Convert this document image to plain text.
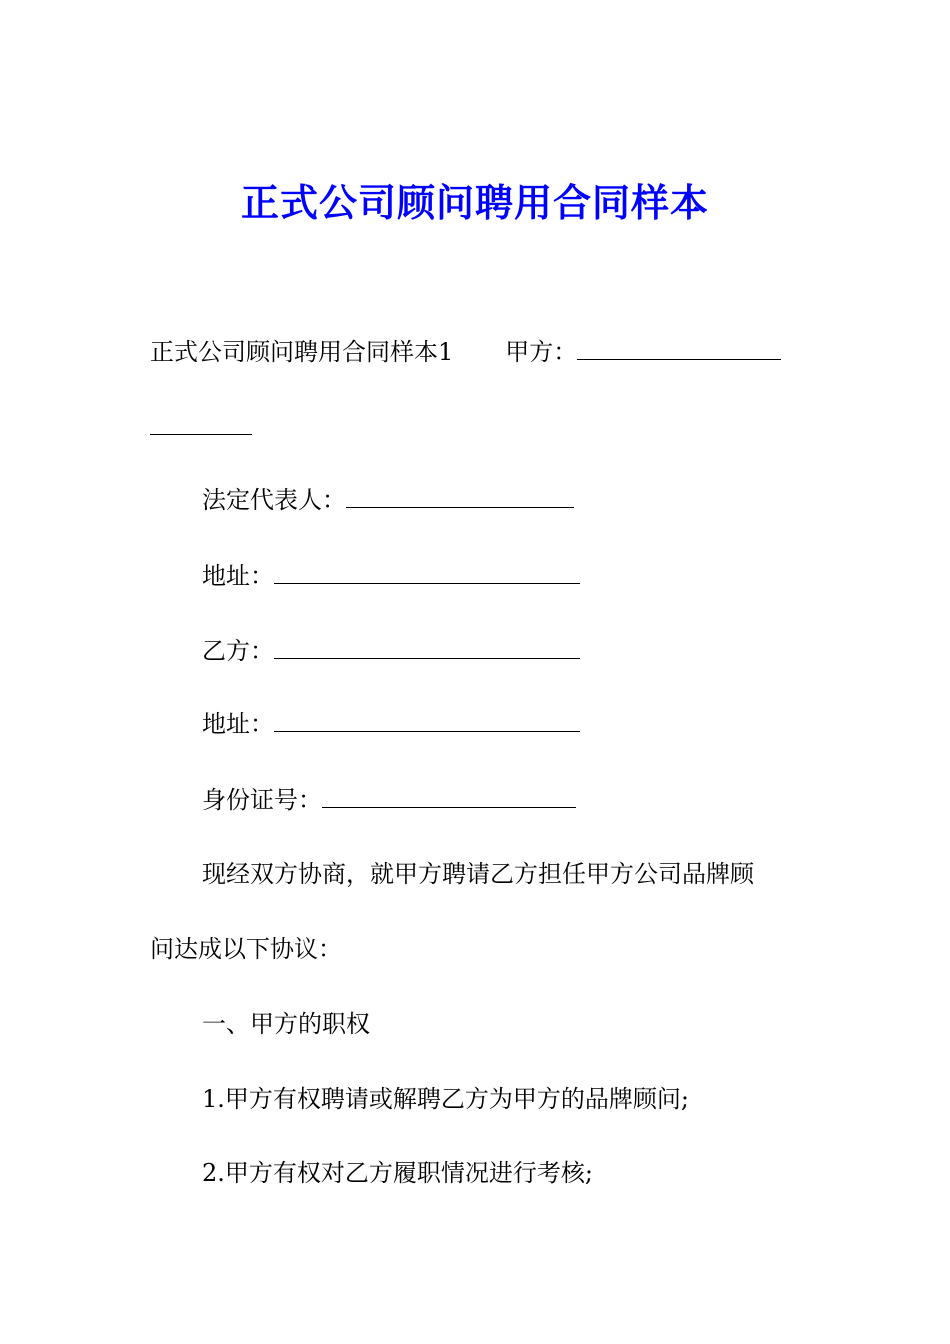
正式公司顾问聘用合同样本
正式公司顾问聘用合同样本1 甲方：
法定代表人：
地址：
乙方：
地址：
身份证号：
现经双方协商，就甲方聘请乙方担任甲方公司品牌顾
问达成以下协议：
一、甲方的职权
1.甲方有权聘请或解聘乙方为甲方的品牌顾问;
2.甲方有权对乙方履职情况进行考核;
